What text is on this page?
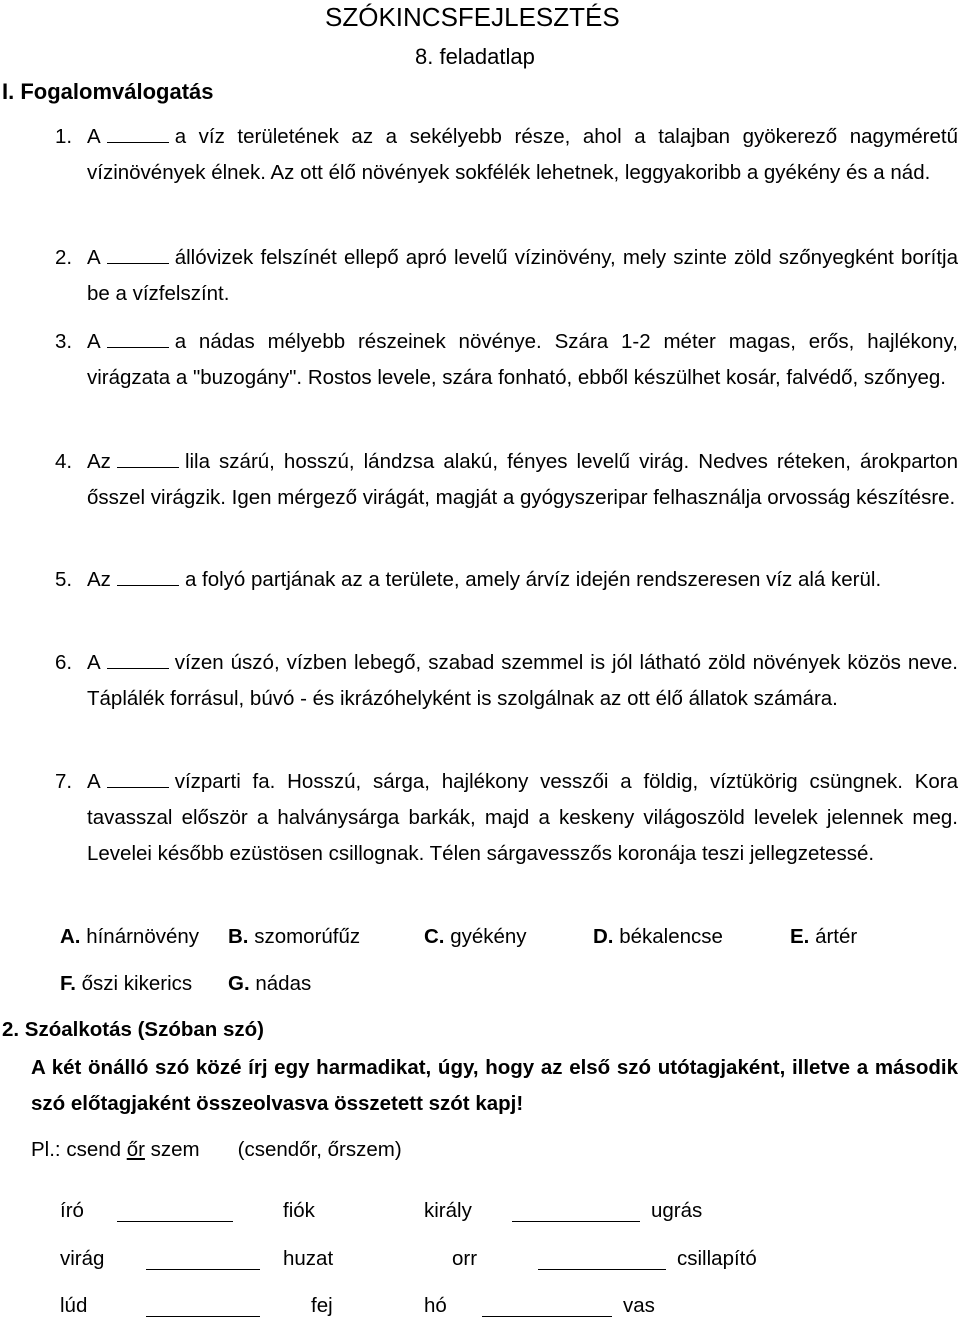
SZÓKINCSFEJLESZTÉS
8. feladatlap
I. Fogalomválogatás
1. A	a víz területének az a sekélyebb része, ahol a talajban gyökerező nagyméretű vízinövények élnek. Az ott élő növények sokfélék lehetnek, leggyakoribb a gyékény és a nád.
2. A	állóvizek felszínét ellepő apró levelű vízinövény, mely szinte zöld szőnyegként borítja be a vízfelszínt.
3. A	a nádas mélyebb részeinek növénye. Szára 1-2 méter magas, erős, hajlékony, virágzata a "buzogány". Rostos levele, szára fonható, ebből készülhet kosár, falvédő, szőnyeg.
4. Az	lila szárú, hosszú, lándzsa alakú, fényes levelű virág. Nedves réteken, árokparton ősszel virágzik. Igen mérgező virágát, magját a gyógyszeripar felhasználja orvosság készítésre.
5. Az	a folyó partjának az a területe, amely árvíz idején rendszeresen víz alá kerül.
6. A	vízen úszó, vízben lebegő, szabad szemmel is jól látható zöld növények közös neve. Táplálék forrásul, búvó - és ikrázóhelyként is szolgálnak az ott élő állatok számára.
7. A	vízparti fa. Hosszú, sárga, hajlékony vesszői a földig, víztükörig csüngnek. Kora tavasszal először a halványsárga barkák, majd a keskeny világoszöld levelek jelennek meg. Levelei később ezüstösen csillognak. Télen sárgavesszős koronája teszi jellegzetessé.
A. hínárnövény B. szomorúfűz	C. gyékény	D. békalencse	E. ártér
F. őszi kikerics G. nádas
2. Szóalkotás (Szóban szó)
A két önálló szó közé írj egy harmadikat, úgy, hogy az első szó utótagjaként, illetve a második szó előtagjaként összeolvasva összetett szót kapj!
Pl.: csend őr szem (csendőr, őrszem)
író	fiók	király	ugrás
virág	huzat	orr	csillapító
lúd	fej	hó	vas
